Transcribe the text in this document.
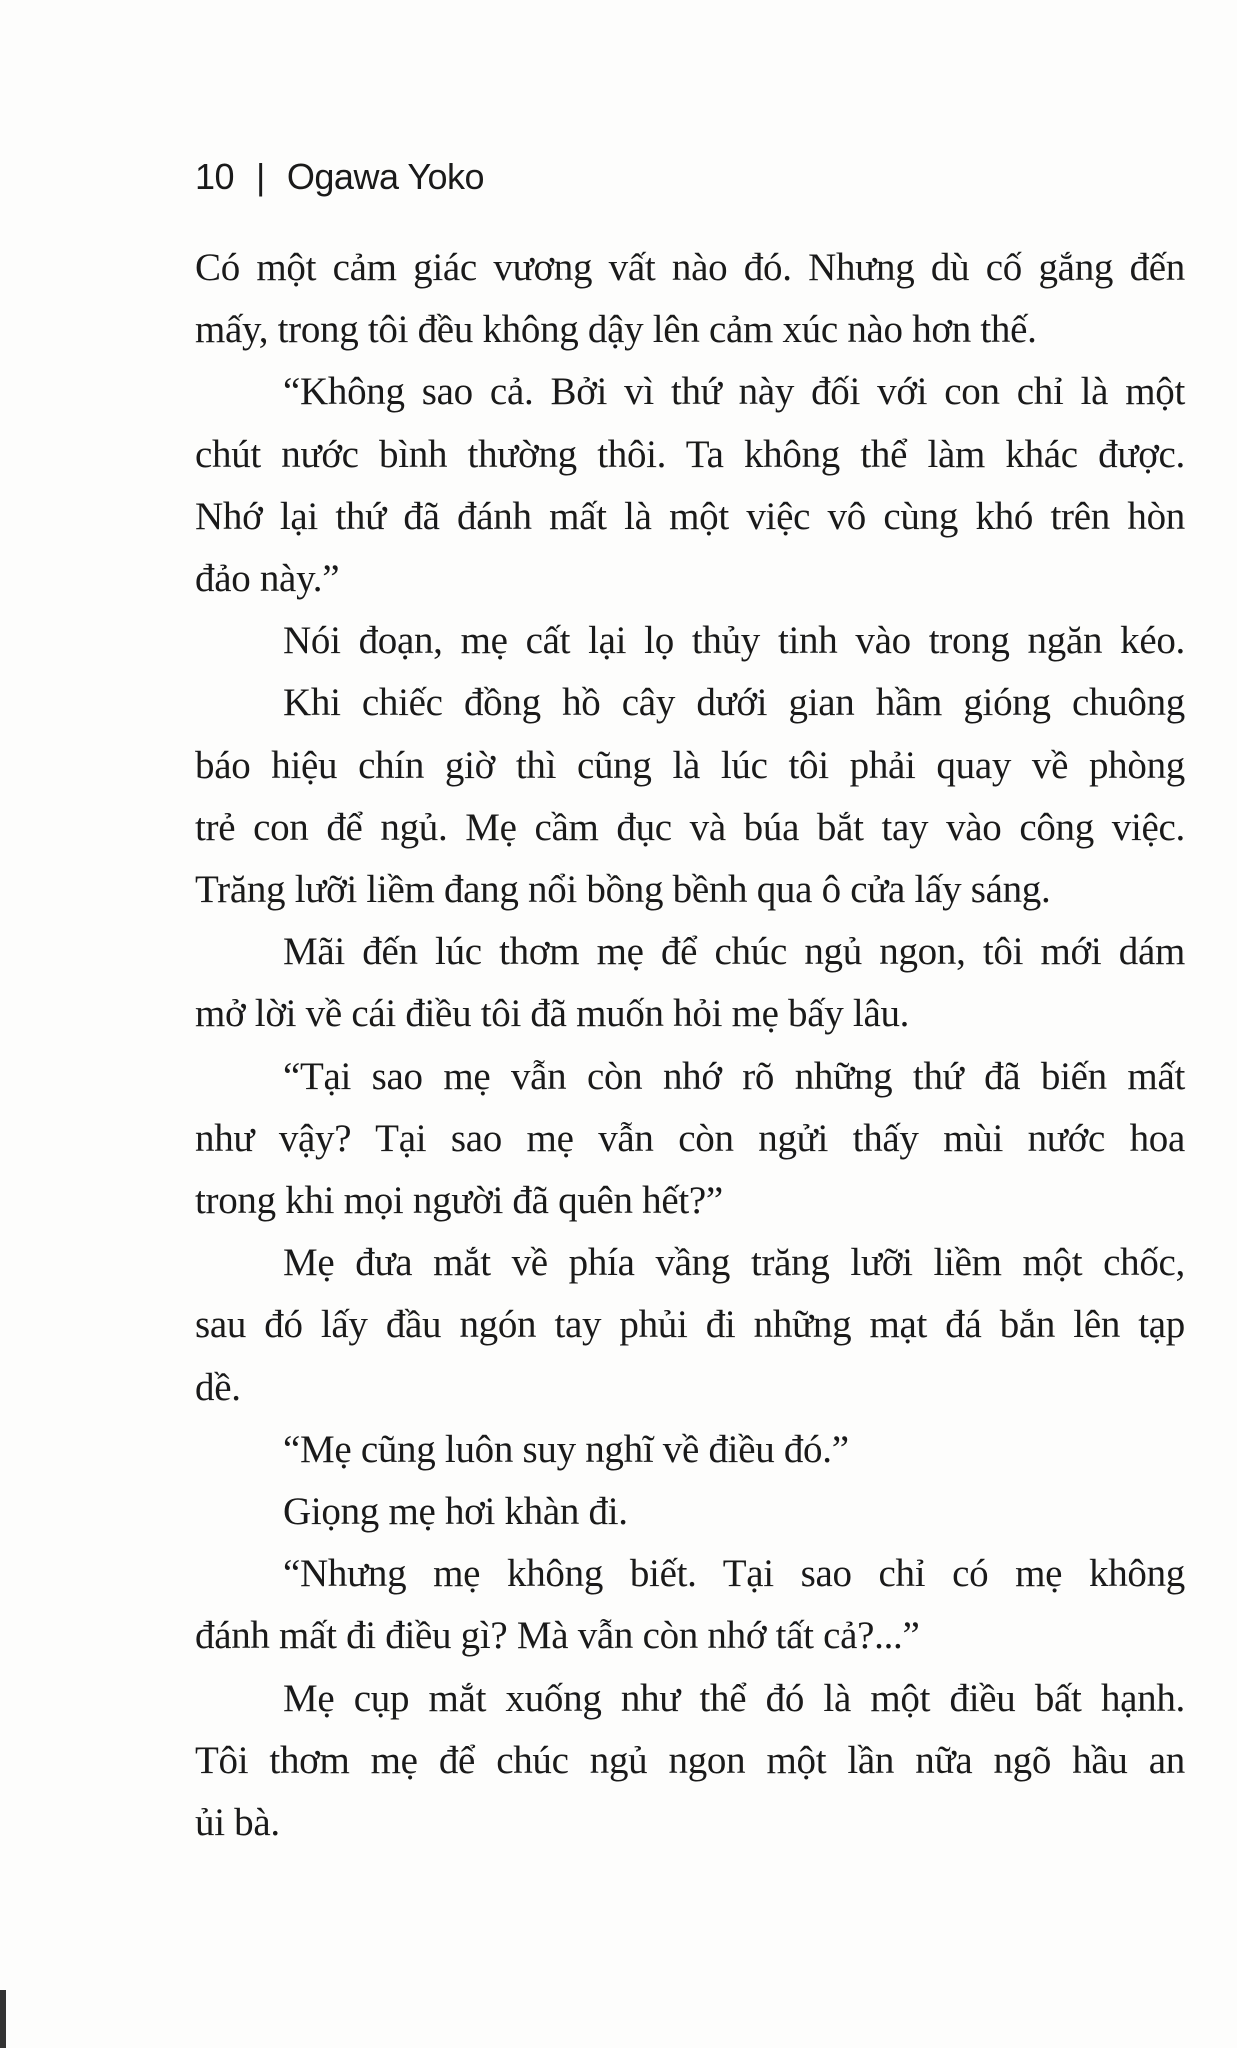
10 | Ogawa Yoko
Có một cảm giác vương vất nào đó. Nhưng dù cố gắng đến
mấy, trong tôi đều không dậy lên cảm xúc nào hơn thế.
“Không sao cả. Bởi vì thứ này đối với con chỉ là một
chút nước bình thường thôi. Ta không thể làm khác được.
Nhớ lại thứ đã đánh mất là một việc vô cùng khó trên hòn
đảo này.”
Nói đoạn, mẹ cất lại lọ thủy tinh vào trong ngăn kéo.
Khi chiếc đồng hồ cây dưới gian hầm gióng chuông
báo hiệu chín giờ thì cũng là lúc tôi phải quay về phòng
trẻ con để ngủ. Mẹ cầm đục và búa bắt tay vào công việc.
Trăng lưỡi liềm đang nổi bồng bềnh qua ô cửa lấy sáng.
Mãi đến lúc thơm mẹ để chúc ngủ ngon, tôi mới dám
mở lời về cái điều tôi đã muốn hỏi mẹ bấy lâu.
“Tại sao mẹ vẫn còn nhớ rõ những thứ đã biến mất
như vậy? Tại sao mẹ vẫn còn ngửi thấy mùi nước hoa
trong khi mọi người đã quên hết?”
Mẹ đưa mắt về phía vầng trăng lưỡi liềm một chốc,
sau đó lấy đầu ngón tay phủi đi những mạt đá bắn lên tạp
dề.
“Mẹ cũng luôn suy nghĩ về điều đó.”
Giọng mẹ hơi khàn đi.
“Nhưng mẹ không biết. Tại sao chỉ có mẹ không
đánh mất đi điều gì? Mà vẫn còn nhớ tất cả?...”
Mẹ cụp mắt xuống như thể đó là một điều bất hạnh.
Tôi thơm mẹ để chúc ngủ ngon một lần nữa ngõ hầu an
ủi bà.
